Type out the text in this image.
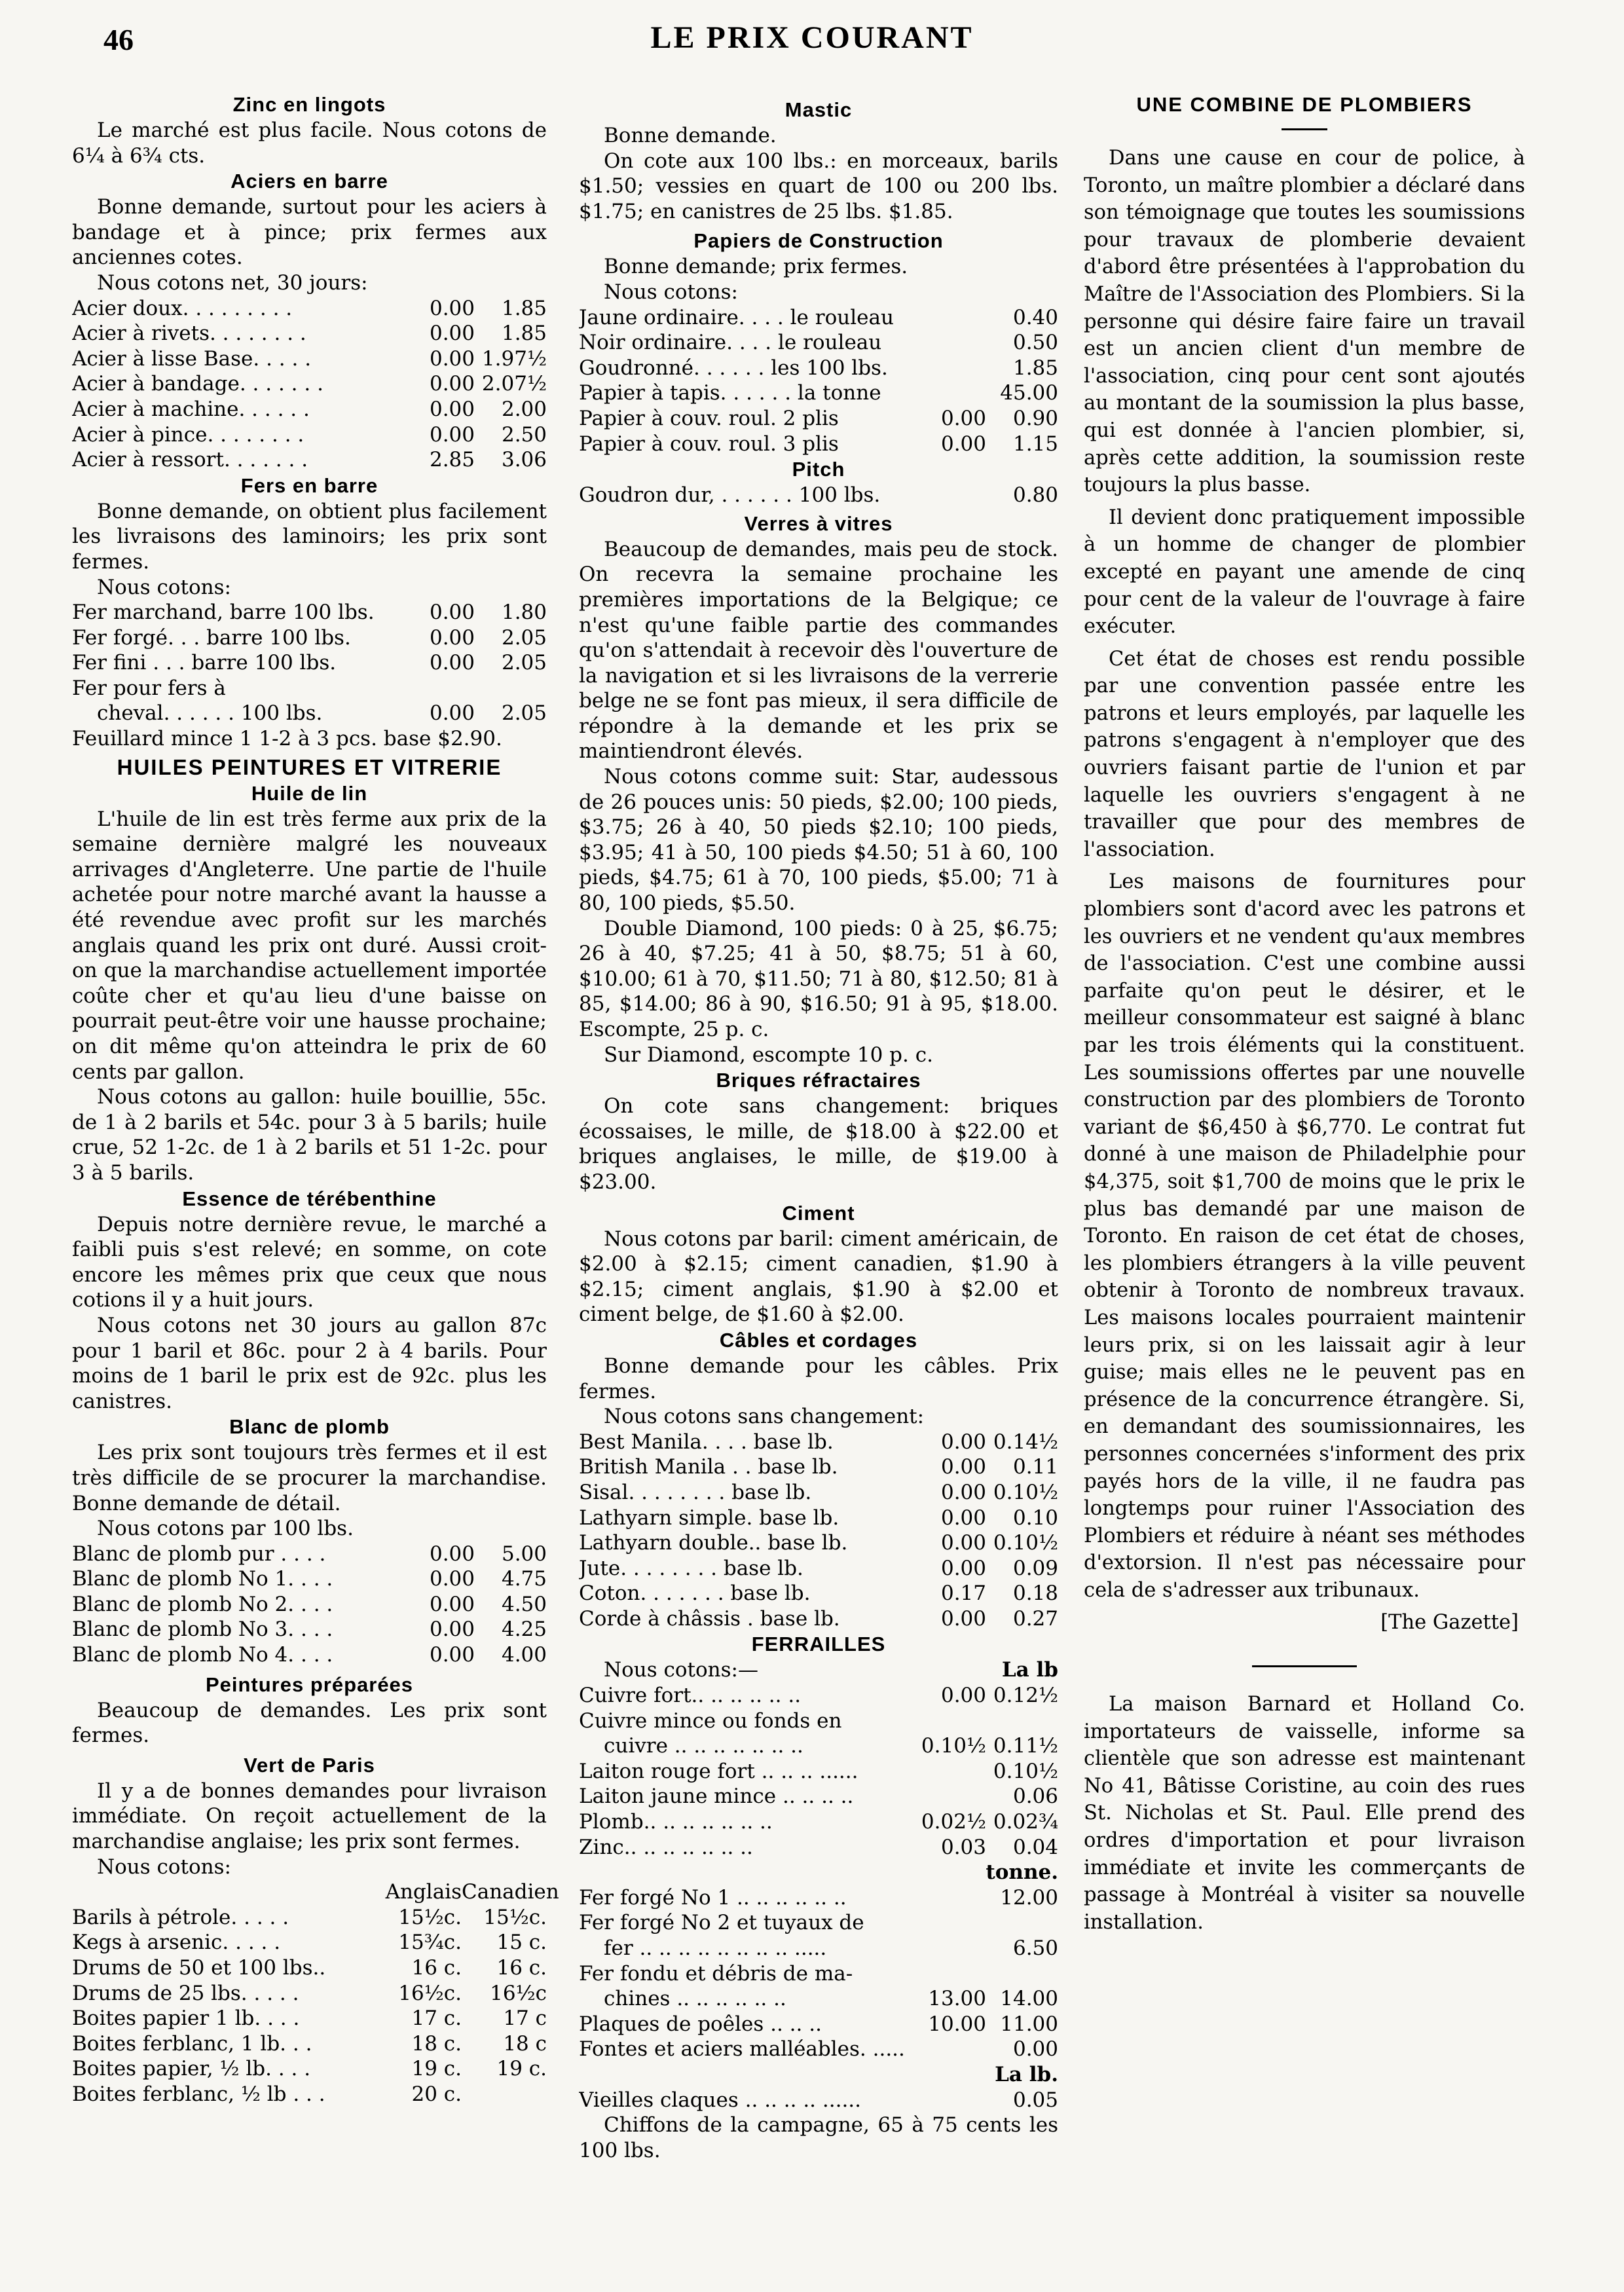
46	LE PRIX COURANT
Zinc en lingots
Le marché est plus facile. Nous cotons de 6¼ à 6¾ cts.
Aciers en barre
Bonne demande, surtout pour les aciers à bandage et à pince; prix fermes aux anciennes cotes.
Nous cotons net, 30 jours:
Acier doux. . . . . . . . .	0.00	1.85
Acier à rivets. . . . . . . .	0.00	1.85
Acier à lisse Base. . . . .	0.00 1.97½
Acier à bandage. . . . . . .	0.00 2.07½
Acier à machine. . . . . .	0.00	2.00
Acier à pince. . . . . . . .	0.00	2.50
Acier à ressort. . . . . . .	2.85	3.06
Fers en barre
Bonne demande, on obtient plus facilement les livraisons des laminoirs; les prix sont fermes.
Nous cotons:
Fer marchand, barre 100 lbs.	0.00	1.80
Fer forgé. . . barre 100 lbs.	0.00	2.05
Fer fini . . . barre 100 lbs.	0.00	2.05
Fer pour fers à
cheval. . . . . . 100 lbs.	0.00	2.05
Feuillard mince 1 1-2 à 3 pcs. base $2.90.
HUILES PEINTURES ET VITRERIE
Huile de lin
L'huile de lin est très ferme aux prix de la semaine dernière malgré les nouveaux arrivages d'Angleterre. Une partie de l'huile achetée pour notre marché avant la hausse a été revendue avec profit sur les marchés anglais quand les prix ont duré. Aussi croit-on que la marchandise actuellement importée coûte cher et qu'au lieu d'une baisse on pourrait peut-être voir une hausse prochaine; on dit même qu'on atteindra le prix de 60 cents par gallon.
Nous cotons au gallon: huile bouillie, 55c. de 1 à 2 barils et 54c. pour 3 à 5 barils; huile crue, 52 1-2c. de 1 à 2 barils et 51 1-2c. pour 3 à 5 barils.
Essence de térébenthine
Depuis notre dernière revue, le marché a faibli puis s'est relevé; en somme, on cote encore les mêmes prix que ceux que nous cotions il y a huit jours.
Nous cotons net 30 jours au gallon 87c pour 1 baril et 86c. pour 2 à 4 barils. Pour moins de 1 baril le prix est de 92c. plus les canistres.
Blanc de plomb
Les prix sont toujours très fermes et il est très difficile de se procurer la marchandise. Bonne demande de détail.
Nous cotons par 100 lbs.
Blanc de plomb pur . . . .	0.00	5.00
Blanc de plomb No 1. . . .	0.00	4.75
Blanc de plomb No 2. . . .	0.00	4.50
Blanc de plomb No 3. . . .	0.00	4.25
Blanc de plomb No 4. . . .	0.00	4.00
Peintures préparées
Beaucoup de demandes. Les prix sont fermes.
Vert de Paris
Il y a de bonnes demandes pour livraison immédiate. On reçoit actuellement de la marchandise anglaise; les prix sont fermes.
Nous cotons:
Anglais Canadien
Barils à pétrole. . . . .	15½c.	15½c.
Kegs à arsenic. . . . .	15¾c.	15 c.
Drums de 50 et 100 lbs..	16 c.	16 c.
Drums de 25 lbs. . . . .	16½c.	16½c
Boites papier 1 lb. . . .	17 c.	17 c
Boites ferblanc, 1 lb. . .	18 c.	18 c
Boites papier, ½ lb. . . .	19 c.	19 c.
Boites ferblanc, ½ lb . . .	20 c.
Mastic
Bonne demande.
On cote aux 100 lbs.: en morceaux, barils $1.50; vessies en quart de 100 ou 200 lbs. $1.75; en canistres de 25 lbs. $1.85.
Papiers de Construction
Bonne demande; prix fermes.
Nous cotons:
Jaune ordinaire. . . . le rouleau	0.40
Noir ordinaire. . . . le rouleau	0.50
Goudronné. . . . . . les 100 lbs.	1.85
Papier à tapis. . . . . . la tonne	45.00
Papier à couv. roul. 2 plis	0.00	0.90
Papier à couv. roul. 3 plis	0.00	1.15
Pitch
Goudron dur, . . . . . . 100 lbs.	0.80
Verres à vitres
Beaucoup de demandes, mais peu de stock. On recevra la semaine prochaine les premières importations de la Belgique; ce n'est qu'une faible partie des commandes qu'on s'attendait à recevoir dès l'ouverture de la navigation et si les livraisons de la verrerie belge ne se font pas mieux, il sera difficile de répondre à la demande et les prix se maintiendront élevés.
Nous cotons comme suit: Star, audessous de 26 pouces unis: 50 pieds, $2.00; 100 pieds, $3.75; 26 à 40, 50 pieds $2.10; 100 pieds, $3.95; 41 à 50, 100 pieds $4.50; 51 à 60, 100 pieds, $4.75; 61 à 70, 100 pieds, $5.00; 71 à 80, 100 pieds, $5.50.
Double Diamond, 100 pieds: 0 à 25, $6.75; 26 à 40, $7.25; 41 à 50, $8.75; 51 à 60, $10.00; 61 à 70, $11.50; 71 à 80, $12.50; 81 à 85, $14.00; 86 à 90, $16.50; 91 à 95, $18.00. Escompte, 25 p. c.
Sur Diamond, escompte 10 p. c.
Briques réfractaires
On cote sans changement: briques écossaises, le mille, de $18.00 à $22.00 et briques anglaises, le mille, de $19.00 à $23.00.
Ciment
Nous cotons par baril: ciment américain, de $2.00 à $2.15; ciment canadien, $1.90 à $2.15; ciment anglais, $1.90 à $2.00 et ciment belge, de $1.60 à $2.00.
Câbles et cordages
Bonne demande pour les câbles. Prix fermes.
Nous cotons sans changement:
Best Manila. . . . base lb.	0.00 0.14½
British Manila . . base lb.	0.00	0.11
Sisal. . . . . . . . base lb.	0.00 0.10½
Lathyarn simple. base lb.	0.00	0.10
Lathyarn double.. base lb.	0.00 0.10½
Jute. . . . . . . . base lb.	0.00	0.09
Coton. . . . . . . base lb.	0.17	0.18
Corde à châssis . base lb.	0.00	0.27
FERRAILLES
Nous cotons:—	La lb
Cuivre fort.. .. .. .. .. ..	0.00 0.12½
Cuivre mince ou fonds en
cuivre .. .. .. .. .. .. ..	0.10½ 0.11½
Laiton rouge fort .. .. .. ......	0.10½
Laiton jaune mince .. .. .. ..	0.06
Plomb.. .. .. .. .. .. ..	0.02½ 0.02¾
Zinc.. .. .. .. .. .. ..	0.03	0.04
tonne.
Fer forgé No 1 .. .. .. .. .. ..	12.00
Fer forgé No 2 et tuyaux de
fer .. .. .. .. .. .. .. .. .....	6.50
Fer fondu et débris de ma-
chines .. .. .. .. .. ..	13.00 14.00
Plaques de poêles .. .. ..	10.00 11.00
Fontes et aciers malléables. .....	0.00
La lb.
Vieilles claques .. .. .. .. ......	0.05
Chiffons de la campagne, 65 à 75 cents les 100 lbs.
UNE COMBINE DE PLOMBIERS
Dans une cause en cour de police, à Toronto, un maître plombier a déclaré dans son témoignage que toutes les soumissions pour travaux de plomberie devaient d'abord être présentées à l'approbation du Maître de l'Association des Plombiers. Si la personne qui désire faire faire un travail est un ancien client d'un membre de l'association, cinq pour cent sont ajoutés au montant de la soumission la plus basse, qui est donnée à l'ancien plombier, si, après cette addition, la soumission reste toujours la plus basse.
Il devient donc pratiquement impossible à un homme de changer de plombier excepté en payant une amende de cinq pour cent de la valeur de l'ouvrage à faire exécuter.
Cet état de choses est rendu possible par une convention passée entre les patrons et leurs employés, par laquelle les patrons s'engagent à n'employer que des ouvriers faisant partie de l'union et par laquelle les ouvriers s'engagent à ne travailler que pour des membres de l'association.
Les maisons de fournitures pour plombiers sont d'acord avec les patrons et les ouvriers et ne vendent qu'aux membres de l'association. C'est une combine aussi parfaite qu'on peut le désirer, et le meilleur consommateur est saigné à blanc par les trois éléments qui la constituent. Les soumissions offertes par une nouvelle construction par des plombiers de Toronto variant de $6,450 à $6,770. Le contrat fut donné à une maison de Philadelphie pour $4,375, soit $1,700 de moins que le prix le plus bas demandé par une maison de Toronto. En raison de cet état de choses, les plombiers étrangers à la ville peuvent obtenir à Toronto de nombreux travaux. Les maisons locales pourraient maintenir leurs prix, si on les laissait agir à leur guise; mais elles ne le peuvent pas en présence de la concurrence étrangère. Si, en demandant des soumissionnaires, les personnes concernées s'informent des prix payés hors de la ville, il ne faudra pas longtemps pour ruiner l'Association des Plombiers et réduire à néant ses méthodes d'extorsion. Il n'est pas nécessaire pour cela de s'adresser aux tribunaux.
[The Gazette]
La maison Barnard et Holland Co. importateurs de vaisselle, informe sa clientèle que son adresse est maintenant No 41, Bâtisse Coristine, au coin des rues St. Nicholas et St. Paul. Elle prend des ordres d'importation et pour livraison immédiate et invite les commerçants de passage à Montréal à visiter sa nouvelle installation.
